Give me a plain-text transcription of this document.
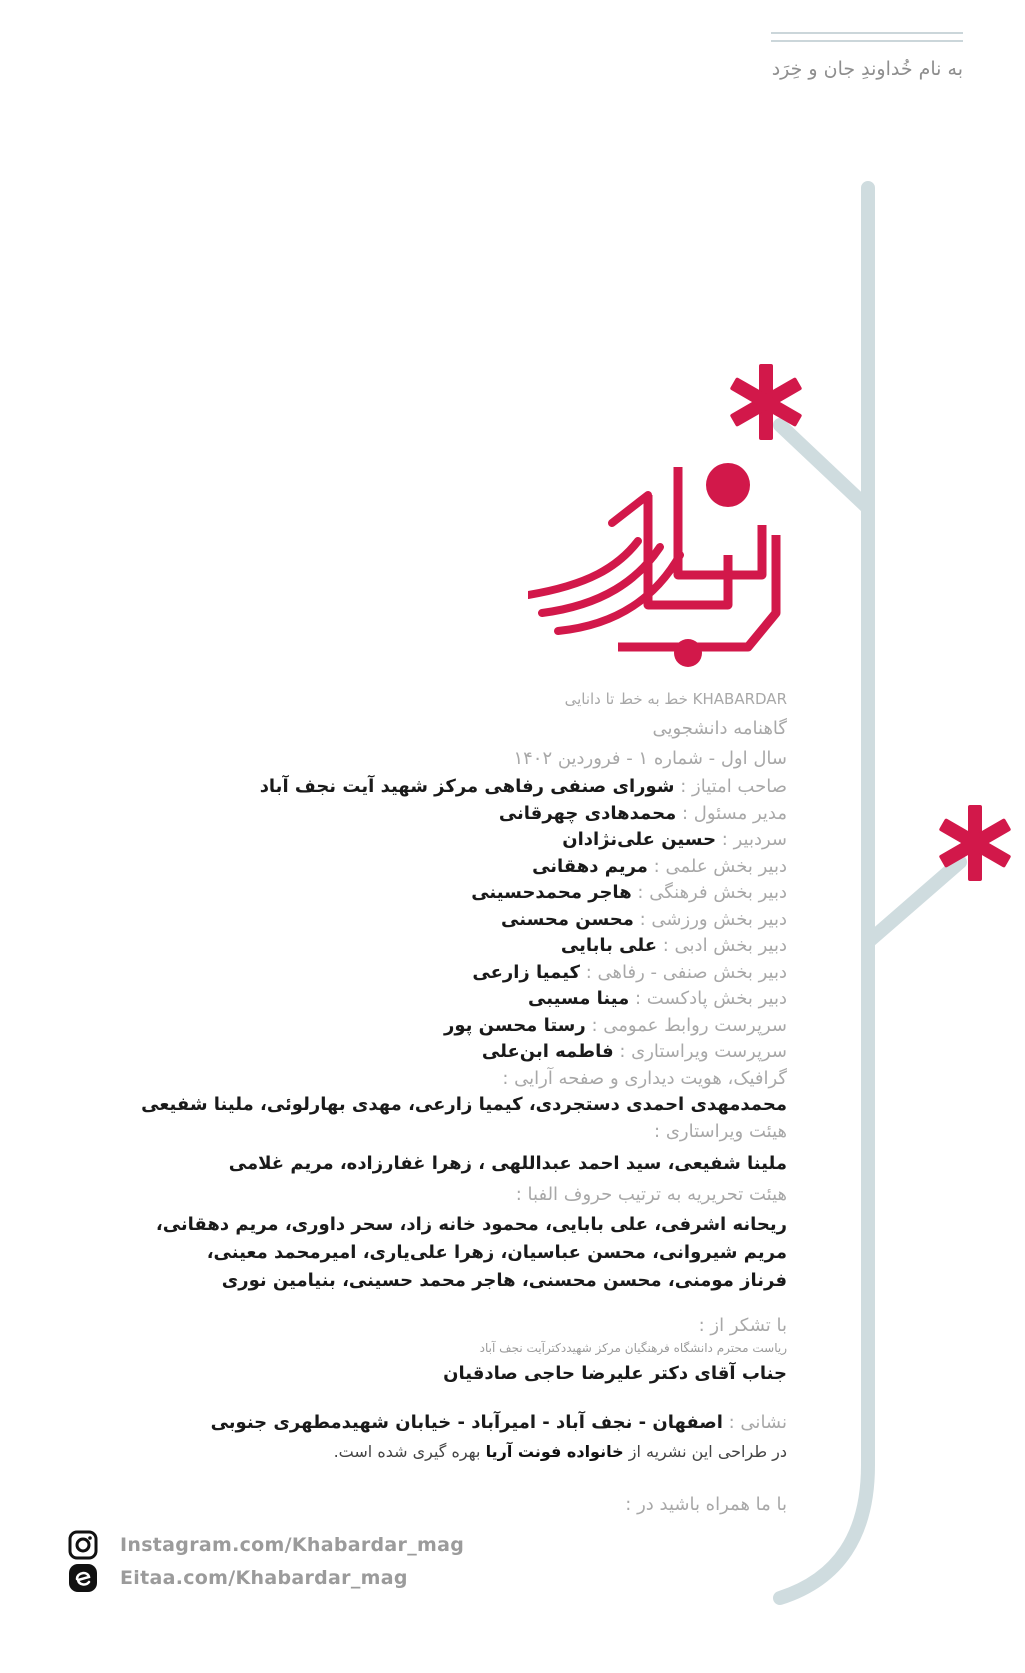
به نام خُداوندِ جان و خِرَد
KHABARDAR خط به خط تا دانایی
گاهنامه دانشجویی
سال اول - شماره ۱ - فروردین ۱۴۰۲
صاحب امتیاز : شورای صنفی رفاهی مرکز شهید آیت نجف آباد
مدیر مسئول : محمدهادی چهرقانی
سردبیر : حسین علی‌نژادان
دبیر بخش علمی : مریم دهقانی
دبیر بخش فرهنگی : هاجر محمدحسینی
دبیر بخش ورزشی : محسن محسنی
دبیر بخش ادبی : علی بابایی
دبیر بخش صنفی - رفاهی : کیمیا زارعی
دبیر بخش پادکست : مینا مسیبی
سرپرست روابط عمومی : رستا محسن پور
سرپرست ویراستاری : فاطمه ابن‌علی
گرافیک، هویت دیداری و صفحه آرایی :
محمدمهدی احمدی دستجردی، کیمیا زارعی، مهدی بهارلوئی، ملینا شفیعی
هیئت ویراستاری :
ملینا شفیعی، سید احمد عبداللهی ، زهرا غفارزاده، مریم غلامی
هیئت تحریریه به ترتیب حروف الفبا :
ریحانه اشرفی، علی بابایی، محمود خانه زاد، سحر داوری، مریم دهقانی،
مریم شیروانی، محسن عباسیان، زهرا علی‌یاری، امیرمحمد معینی،
فرناز مومنی، محسن محسنی، هاجر محمد حسینی، بنیامین نوری
با تشکر از :
ریاست محترم دانشگاه فرهنگیان مرکز شهیددکترآیت نجف آباد
جناب آقای دکتر علیرضا حاجی صادقیان
نشانی : اصفهان - نجف آباد - امیرآباد - خیابان شهیدمطهری جنوبی
در طراحی این نشریه از خانواده فونت آریا بهره گیری شده است.
با ما همراه باشید در :
Instagram.com/Khabardar_mag
Eitaa.com/Khabardar_mag
